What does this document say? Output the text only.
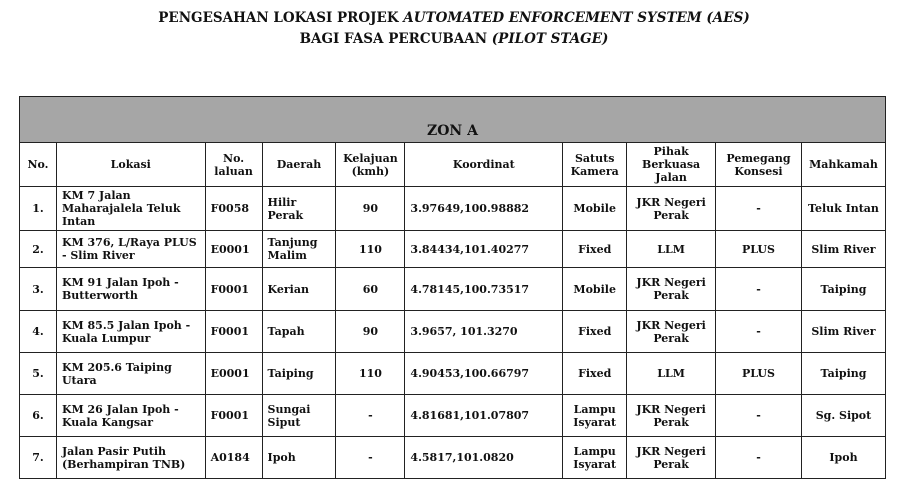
PENGESAHAN LOKASI PROJEK AUTOMATED ENFORCEMENT SYSTEM (AES)
BAGI FASA PERCUBAAN (PILOT STAGE)
ZON A									
No.	Lokasi	No. laluan	Daerah	Kelajuan (kmh)	Koordinat	Satuts Kamera	Pihak Berkuasa Jalan	Pemegang Konsesi	Mahkamah
1.	KM 7 Jalan Maharajalela Teluk Intan	F0058	Hilir Perak	90	3.97649,100.98882	Mobile	JKR Negeri Perak	-	Teluk Intan
2.	KM 376, L/Raya PLUS - Slim River	E0001	Tanjung Malim	110	3.84434,101.40277	Fixed	LLM	PLUS	Slim River
3.	KM 91 Jalan Ipoh - Butterworth	F0001	Kerian	60	4.78145,100.73517	Mobile	JKR Negeri Perak	-	Taiping
4.	KM 85.5 Jalan Ipoh - Kuala Lumpur	F0001	Tapah	90	3.9657, 101.3270	Fixed	JKR Negeri Perak	-	Slim River
5.	KM 205.6 Taiping Utara	E0001	Taiping	110	4.90453,100.66797	Fixed	LLM	PLUS	Taiping
6.	KM 26 Jalan Ipoh - Kuala Kangsar	F0001	Sungai Siput	-	4.81681,101.07807	Lampu Isyarat	JKR Negeri Perak	-	Sg. Sipot
7.	Jalan Pasir Putih (Berhampiran TNB)	A0184	Ipoh	-	4.5817,101.0820	Lampu Isyarat	JKR Negeri Perak	-	Ipoh
